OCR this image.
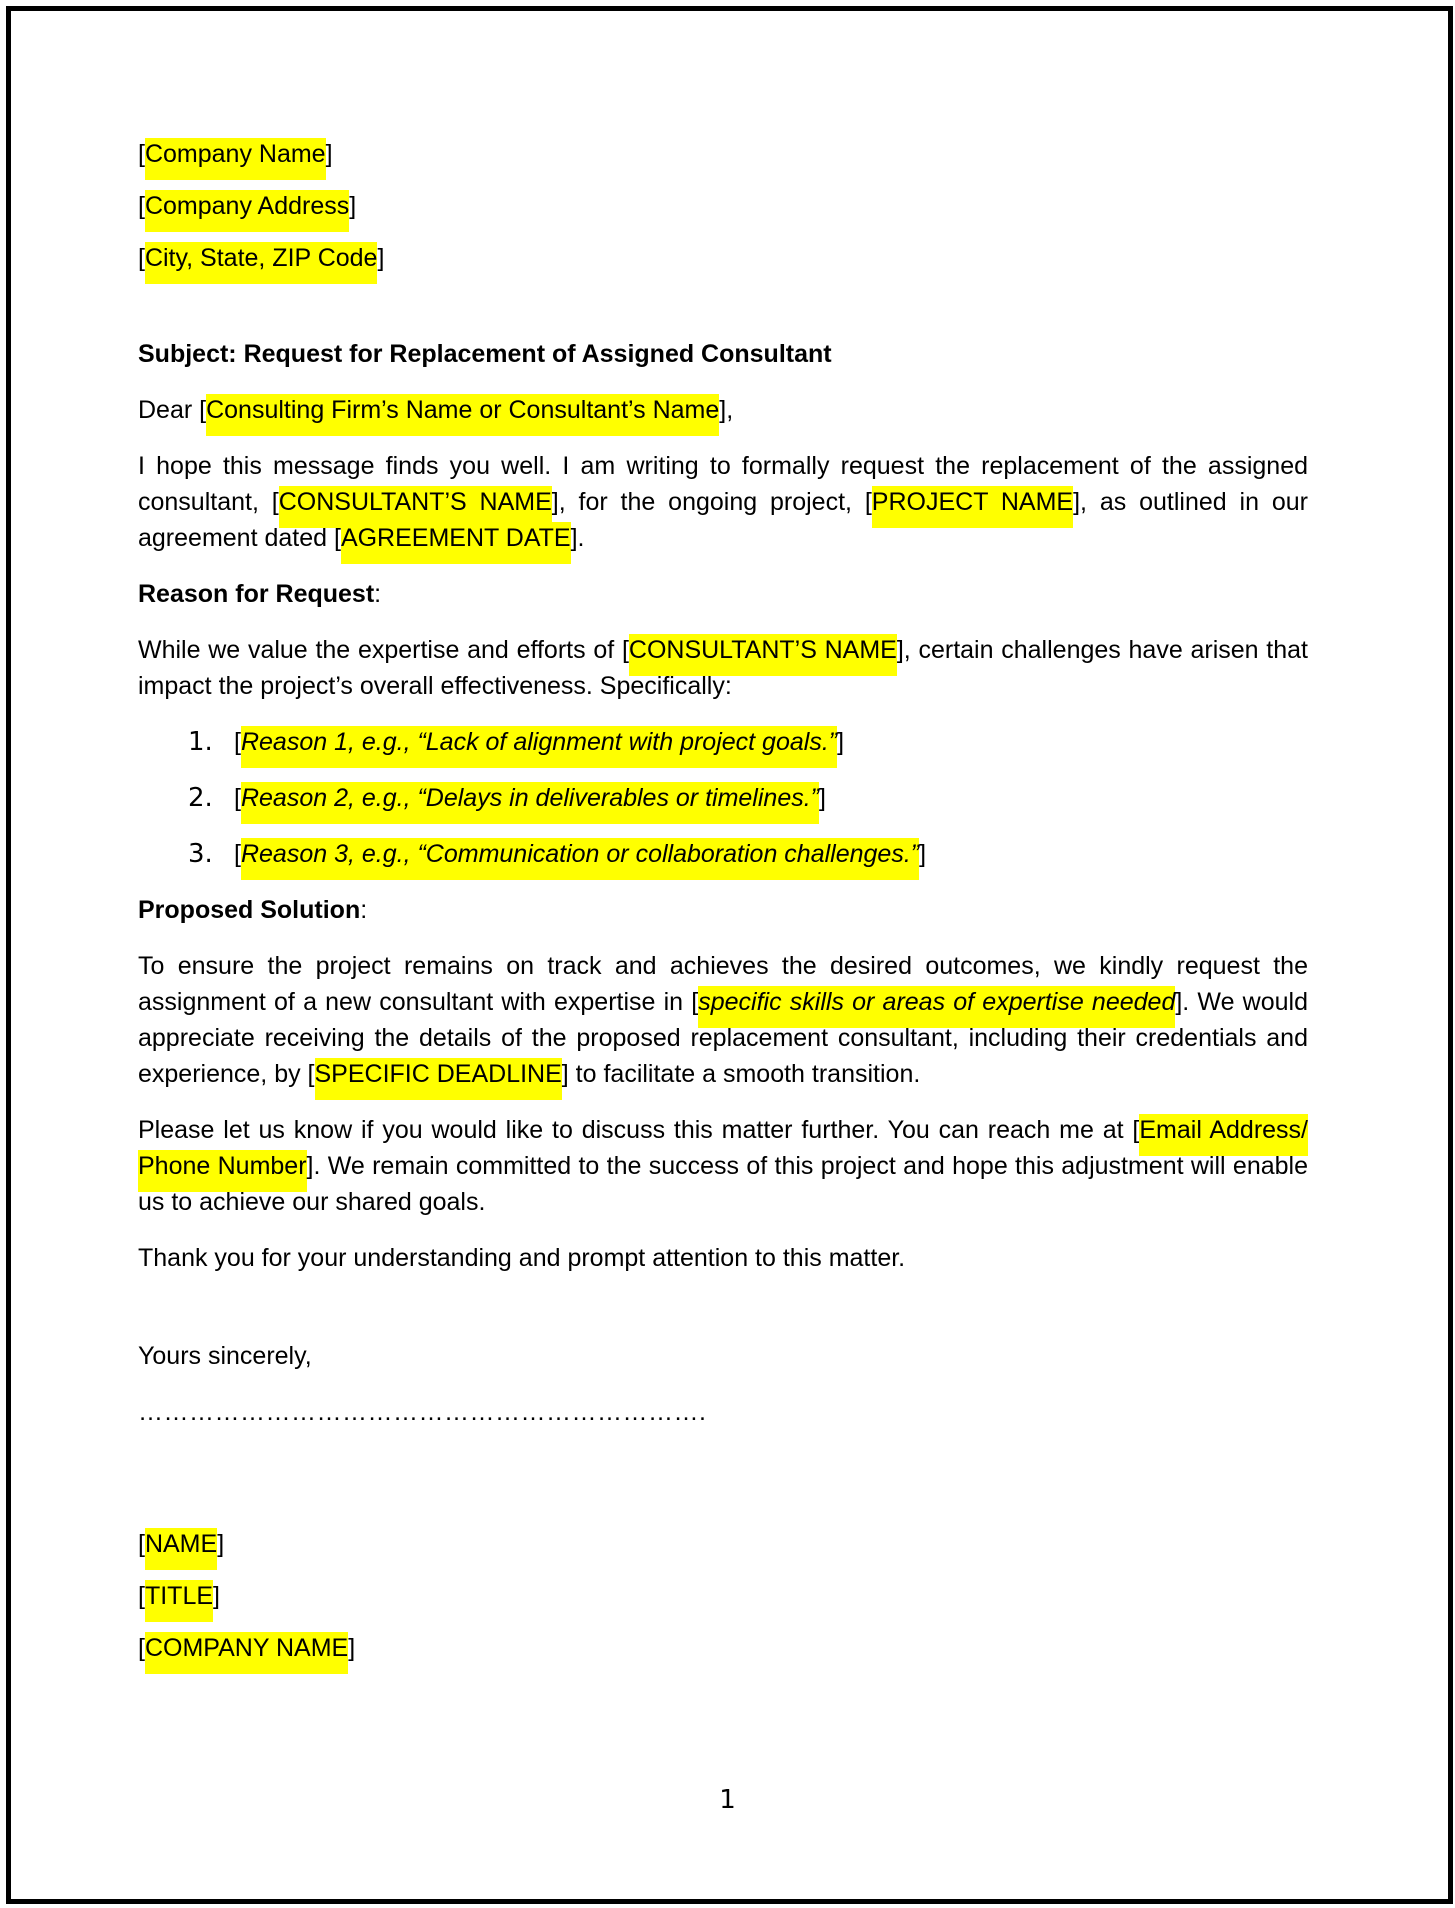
[Company Name]

[Company Address]

[City, State, ZIP Code]

Subject: Request for Replacement of Assigned Consultant

Dear [Consulting Firm’s Name or Consultant’s Name],

I hope this message finds you well. I am writing to formally request the replacement of the assigned consultant, [CONSULTANT’S NAME], for the ongoing project, [PROJECT NAME], as outlined in our agreement dated [AGREEMENT DATE].

Reason for Request:

While we value the expertise and efforts of [CONSULTANT’S NAME], certain challenges have arisen that impact the project’s overall effectiveness. Specifically:

1. [Reason 1, e.g., “Lack of alignment with project goals.”]
2. [Reason 2, e.g., “Delays in deliverables or timelines.”]
3. [Reason 3, e.g., “Communication or collaboration challenges.”]

Proposed Solution:

To ensure the project remains on track and achieves the desired outcomes, we kindly request the assignment of a new consultant with expertise in [specific skills or areas of expertise needed]. We would appreciate receiving the details of the proposed replacement consultant, including their credentials and experience, by [SPECIFIC DEADLINE] to facilitate a smooth transition.

Please let us know if you would like to discuss this matter further. You can reach me at [Email Address/ Phone Number]. We remain committed to the success of this project and hope this adjustment will enable us to achieve our shared goals.

Thank you for your understanding and prompt attention to this matter.

Yours sincerely,

………………………………………………………….

[NAME]

[TITLE]

[COMPANY NAME]

1
